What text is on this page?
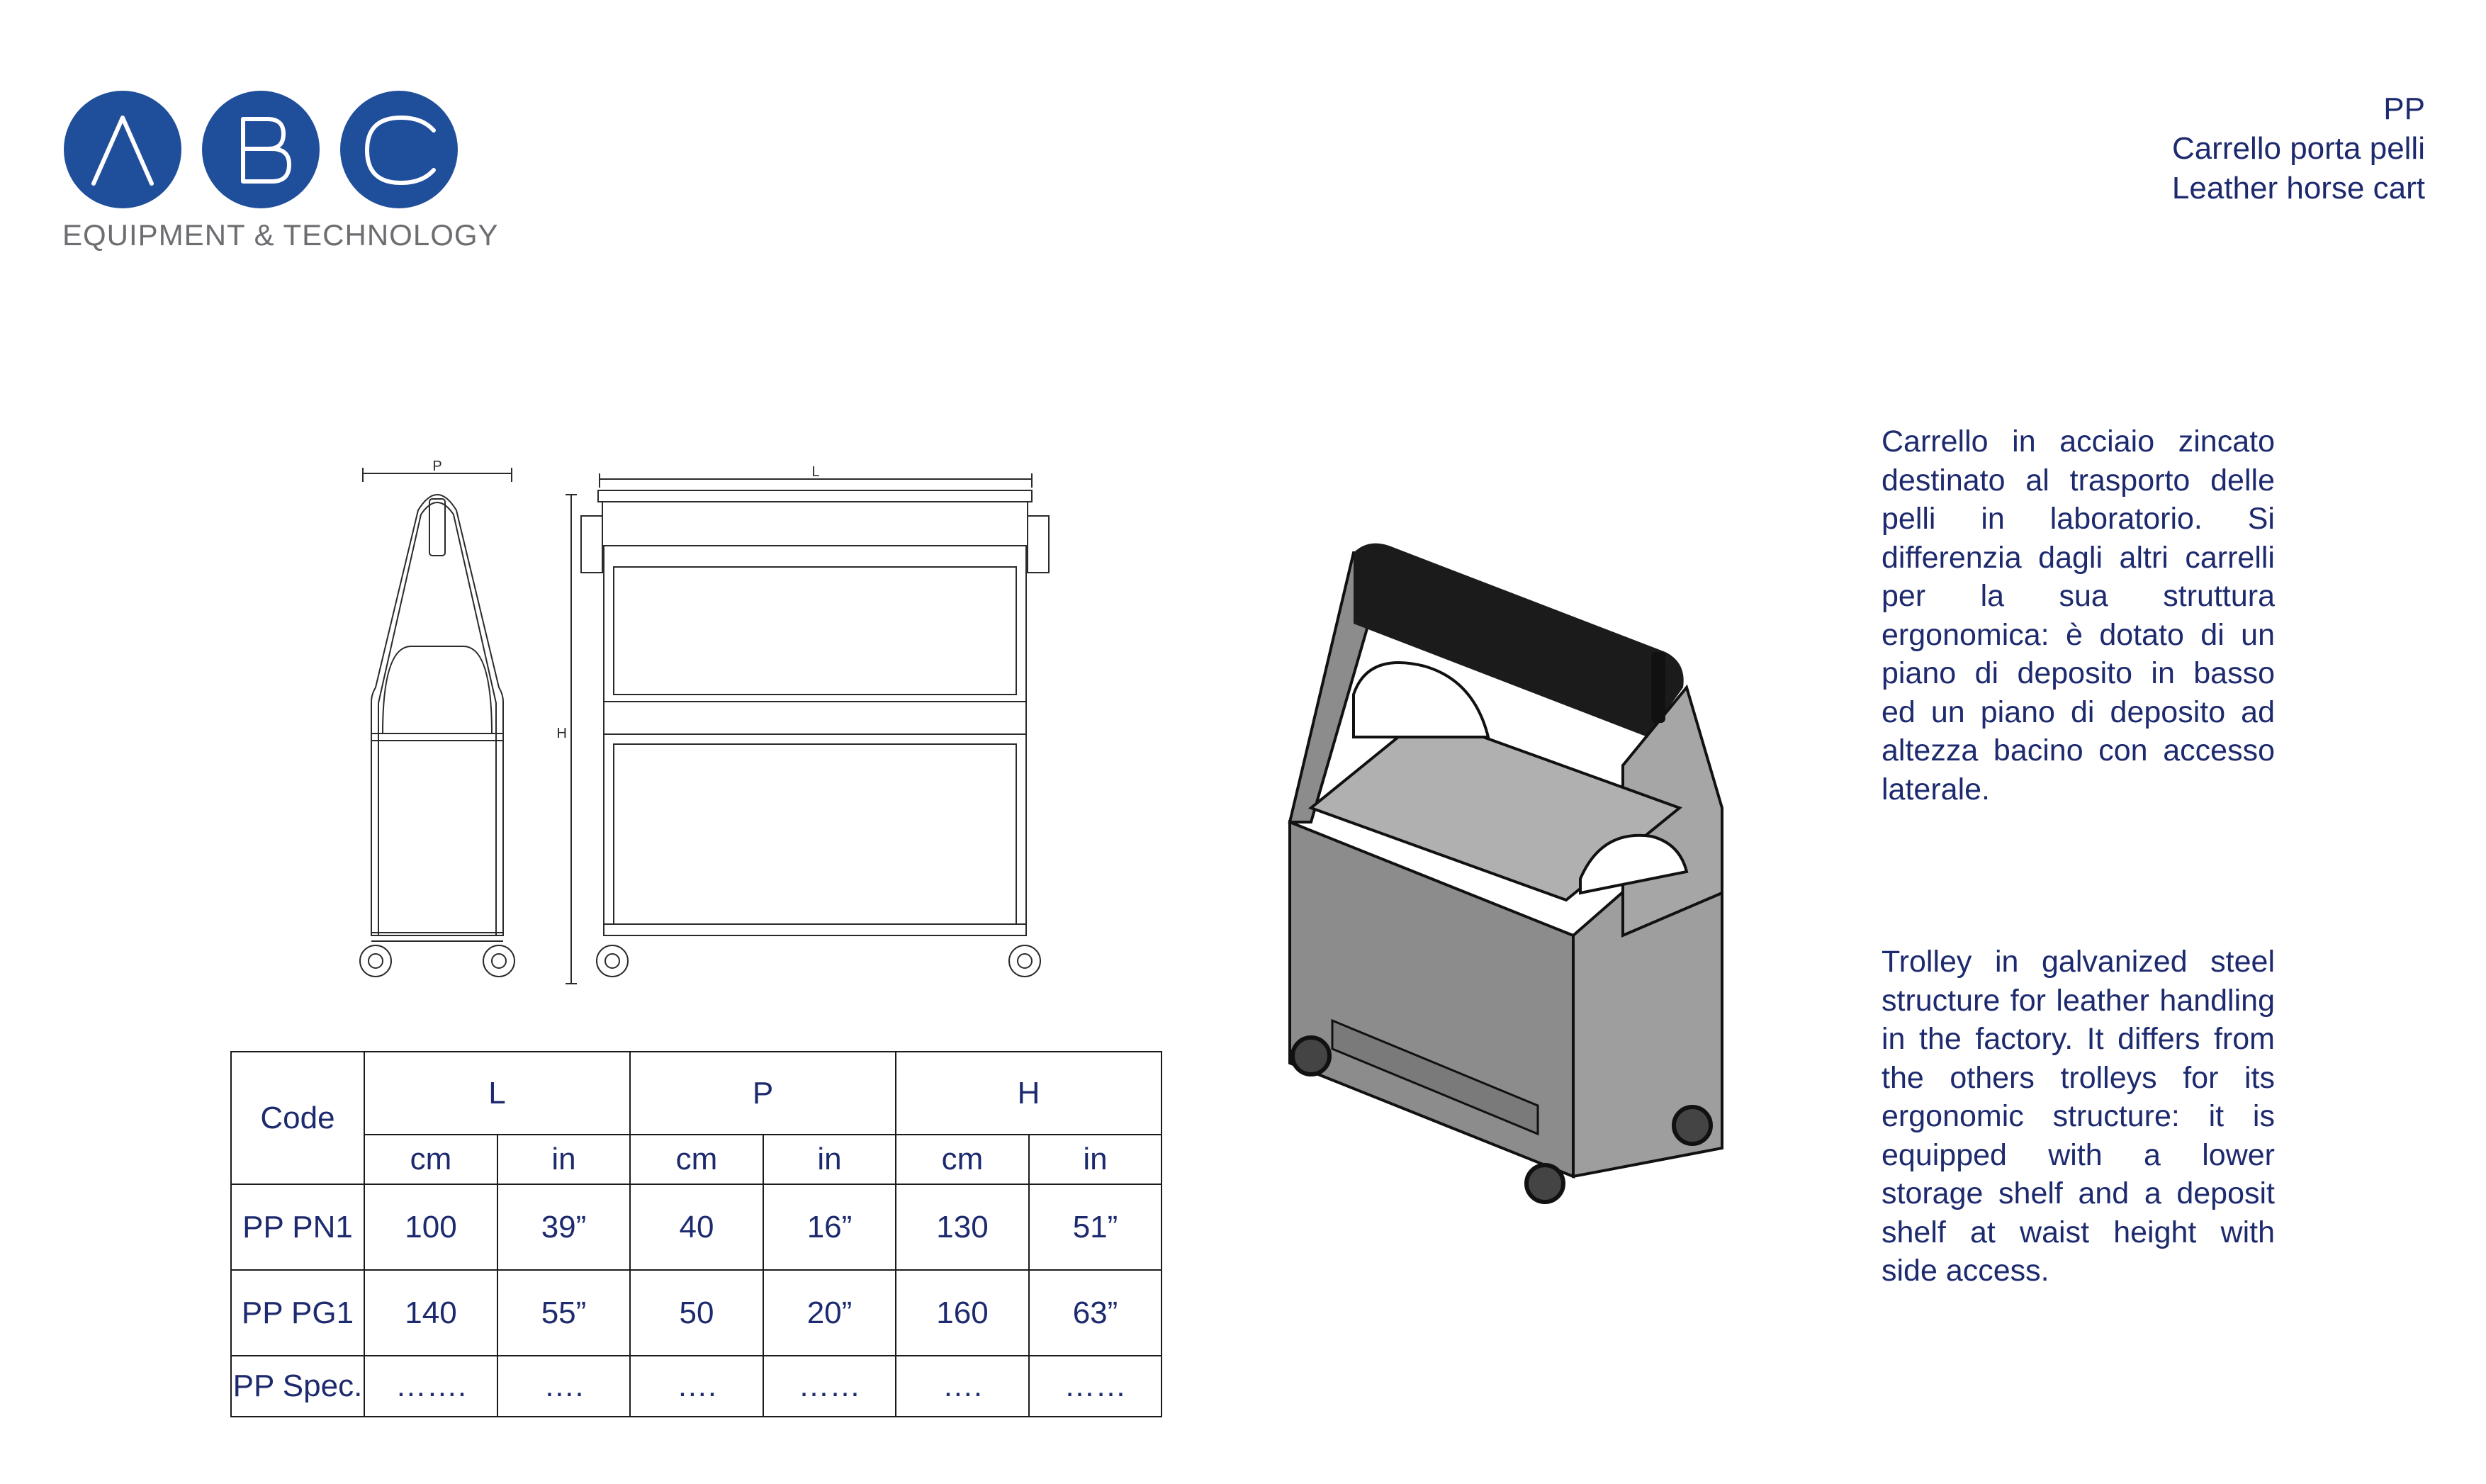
EQUIPMENT & TECHNOLOGY
PP
Carrello porta pelli
Leather horse cart
P	L
H
Carrello in acciaio zincato destinato al trasporto delle pelli in laboratorio. Si differenzia dagli altri carrelli per la sua struttura ergonomica: è dotato di un piano di deposito in basso ed un piano di deposito ad altezza bacino con accesso laterale.
Trolley in galvanized steel structure for leather handling in the factory. It differs from the others trolleys for its ergonomic structure: it is equipped with a lower storage shelf and a deposit shelf at waist height with side access.
Code	L		P		H	
	cm	in	cm	in	cm	in
PP PN1	100	39”	40	16”	130	51”
PP PG1	140	55”	50	20”	160	63”
PP Spec.	…….	….	….	……	….	……
